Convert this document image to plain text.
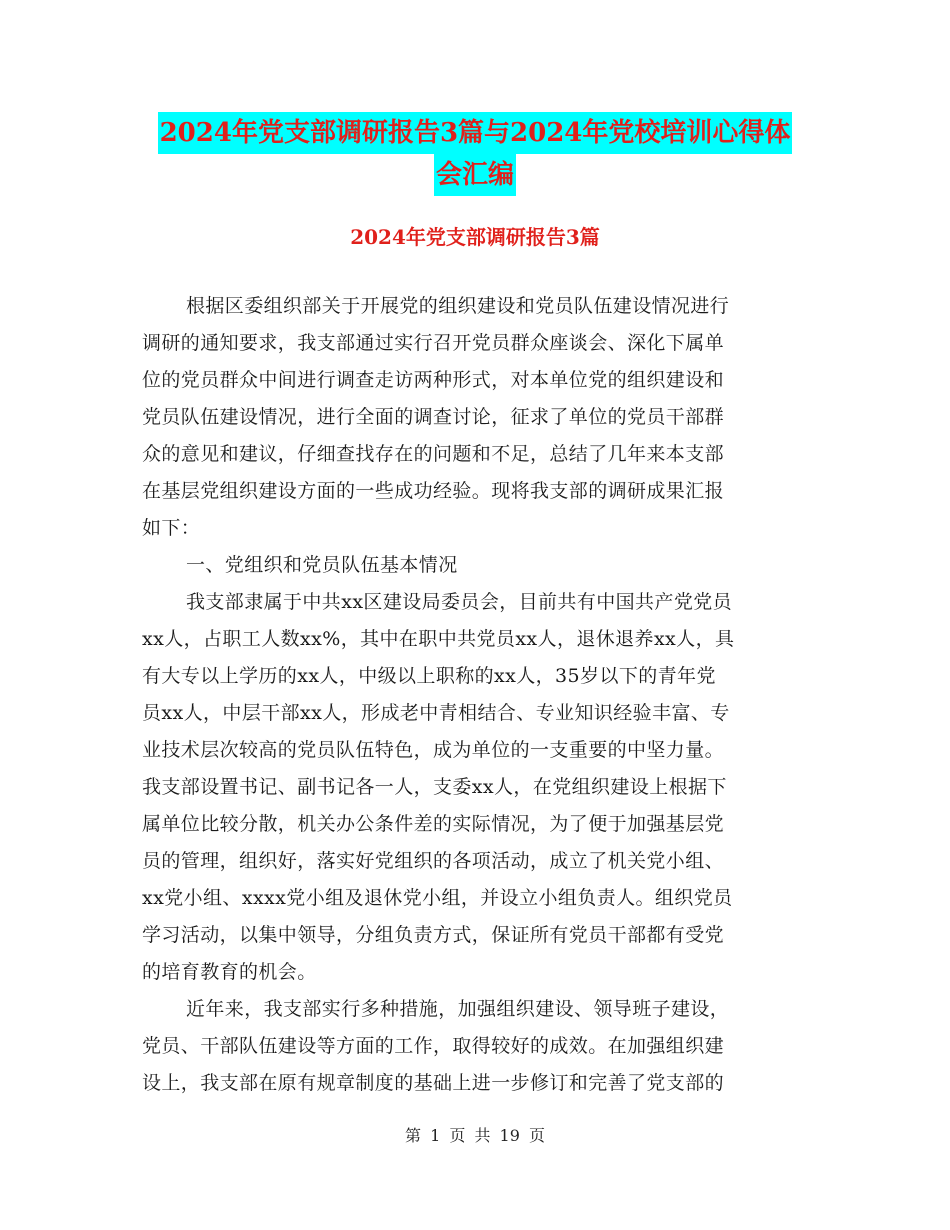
2024年党支部调研报告3篇与2024年党校培训心得体
会汇编
2024年党支部调研报告3篇
根据区委组织部关于开展党的组织建设和党员队伍建设情况进行
调研的通知要求，我支部通过实行召开党员群众座谈会、深化下属单
位的党员群众中间进行调查走访两种形式，对本单位党的组织建设和
党员队伍建设情况，进行全面的调查讨论，征求了单位的党员干部群
众的意见和建议，仔细查找存在的问题和不足，总结了几年来本支部
在基层党组织建设方面的一些成功经验。现将我支部的调研成果汇报
如下：
一、党组织和党员队伍基本情况
我支部隶属于中共xx区建设局委员会，目前共有中国共产党党员
xx人，占职工人数xx%，其中在职中共党员xx人，退休退养xx人，具
有大专以上学历的xx人，中级以上职称的xx人，35岁以下的青年党
员xx人，中层干部xx人，形成老中青相结合、专业知识经验丰富、专
业技术层次较高的党员队伍特色，成为单位的一支重要的中坚力量。
我支部设置书记、副书记各一人，支委xx人，在党组织建设上根据下
属单位比较分散，机关办公条件差的实际情况，为了便于加强基层党
员的管理，组织好，落实好党组织的各项活动，成立了机关党小组、
xx党小组、xxxx党小组及退休党小组，并设立小组负责人。组织党员
学习活动，以集中领导，分组负责方式，保证所有党员干部都有受党
的培育教育的机会。
近年来，我支部实行多种措施，加强组织建设、领导班子建设，
党员、干部队伍建设等方面的工作，取得较好的成效。在加强组织建
设上，我支部在原有规章制度的基础上进一步修订和完善了党支部的
第 1 页 共 19 页
